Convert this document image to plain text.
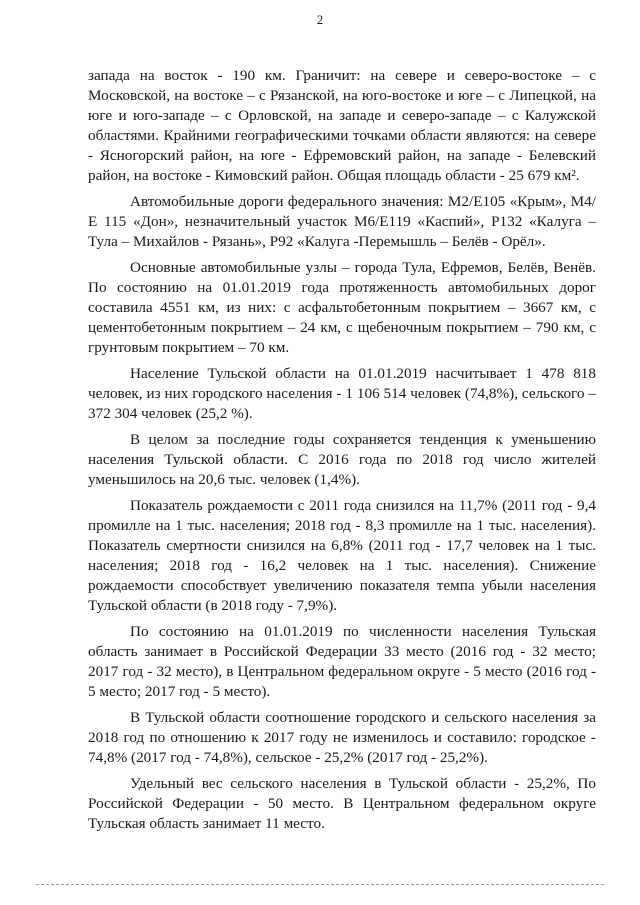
2

запада на восток - 190 км. Граничит: на севере и северо-востоке – с Московской, на востоке – с Рязанской, на юго-востоке и юге – с Липецкой, на юге и юго-западе – с Орловской, на западе и северо-западе – с Калужской областями. Крайними географическими точками области являются: на севере - Ясногорский район, на юге - Ефремовский район, на западе - Белевский район, на востоке - Кимовский район. Общая площадь области - 25 679 км².

Автомобильные дороги федерального значения: М2/Е105 «Крым», М4/Е 115 «Дон», незначительный участок М6/Е119 «Каспий», Р132 «Калуга – Тула – Михайлов - Рязань», Р92 «Калуга -Перемышль – Белёв - Орёл».

Основные автомобильные узлы – города Тула, Ефремов, Белёв, Венёв. По состоянию на 01.01.2019 года протяженность автомобильных дорог составила 4551 км, из них: с асфальтобетонным покрытием – 3667 км, с цементобетонным покрытием – 24 км, с щебеночным покрытием – 790 км, с грунтовым покрытием – 70 км.

Население Тульской области на 01.01.2019 насчитывает 1 478 818 человек, из них городского населения - 1 106 514 человек (74,8%), сельского – 372 304 человек (25,2 %).

В целом за последние годы сохраняется тенденция к уменьшению населения Тульской области. С 2016 года по 2018 год число жителей уменьшилось на 20,6 тыс. человек (1,4%).

Показатель рождаемости с 2011 года снизился на 11,7% (2011 год - 9,4 промилле на 1 тыс. населения; 2018 год - 8,3 промилле на 1 тыс. населения). Показатель смертности снизился на 6,8% (2011 год - 17,7 человек на 1 тыс. населения; 2018 год - 16,2 человек на 1 тыс. населения). Снижение рождаемости способствует увеличению показателя темпа убыли населения Тульской области (в 2018 году - 7,9%).

По состоянию на 01.01.2019 по численности населения Тульская область занимает в Российской Федерации 33 место (2016 год - 32 место; 2017 год - 32 место), в Центральном федеральном округе - 5 место (2016 год - 5 место; 2017 год - 5 место).

В Тульской области соотношение городского и сельского населения за 2018 год по отношению к 2017 году не изменилось и составило: городское - 74,8% (2017 год - 74,8%), сельское - 25,2% (2017 год - 25,2%).

Удельный вес сельского населения в Тульской области - 25,2%, По Российской Федерации - 50 место. В Центральном федеральном округе Тульская область занимает 11 место.
